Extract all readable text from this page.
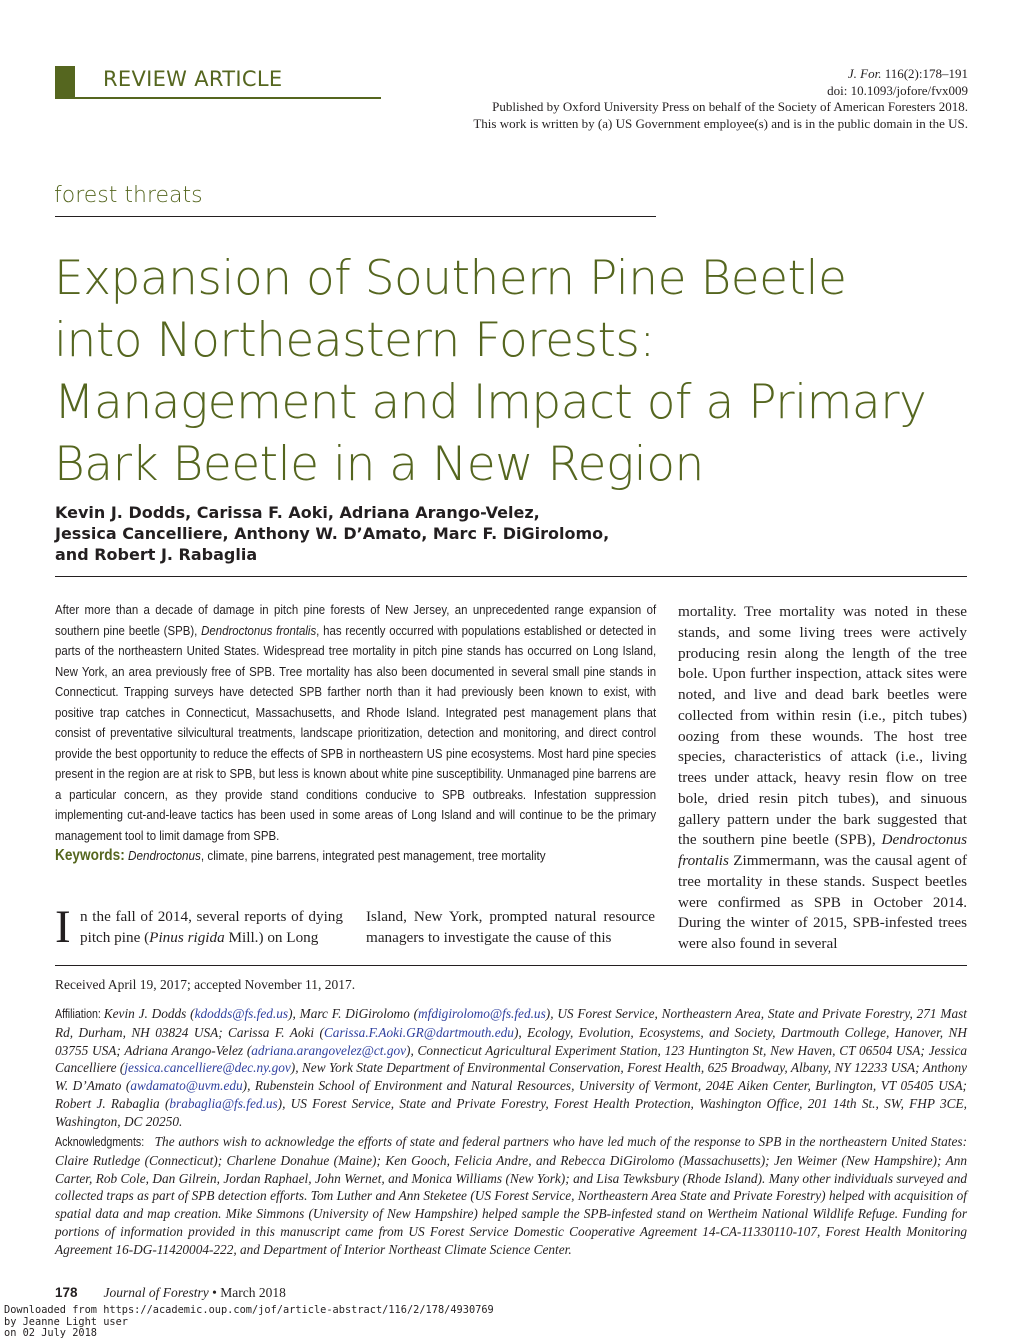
REVIEW ARTICLE	J. For. 116(2):178–191
doi: 10.1093/jofore/fvx009
Published by Oxford University Press on behalf of the Society of American Foresters 2018.
This work is written by (a) US Government employee(s) and is in the public domain in the US.
forest threats
Expansion of Southern Pine Beetle into Northeastern Forests: Management and Impact of a Primary Bark Beetle in a New Region
Kevin J. Dodds, Carissa F. Aoki, Adriana Arango-Velez,
Jessica Cancelliere, Anthony W. D’Amato, Marc F. DiGirolomo,
and Robert J. Rabaglia
After more than a decade of damage in pitch pine forests of New Jersey, an unprecedented range expansion of southern pine beetle (SPB), Dendroctonus frontalis, has recently occurred with populations established or detected in parts of the northeastern United States. Widespread tree mortality in pitch pine stands has occurred on Long Island, New York, an area previously free of SPB. Tree mortality has also been documented in several small pine stands in Connecticut. Trapping surveys have detected SPB farther north than it had previously been known to exist, with positive trap catches in Connecticut, Massachusetts, and Rhode Island. Integrated pest management plans that consist of preventative silvicultural treatments, landscape prioritization, detection and monitoring, and direct control provide the best opportunity to reduce the effects of SPB in northeastern US pine ecosystems. Most hard pine species present in the region are at risk to SPB, but less is known about white pine susceptibility. Unmanaged pine barrens are a particular concern, as they provide stand conditions conducive to SPB outbreaks. Infestation suppression implementing cut-and-leave tactics has been used in some areas of Long Island and will continue to be the primary management tool to limit damage from SPB.
Keywords: Dendroctonus, climate, pine barrens, integrated pest management, tree mortality
I n the fall of 2014, several reports of dying pitch pine (Pinus rigida Mill.) on Long
Island, New York, prompted natural resource managers to investigate the cause of this
mortality. Tree mortality was noted in these stands, and some living trees were actively producing resin along the length of the tree bole. Upon further inspection, attack sites were noted, and live and dead bark beetles were collected from within resin (i.e., pitch tubes) oozing from these wounds. The host tree species, characteristics of attack (i.e., living trees under attack, heavy resin flow on tree bole, dried resin pitch tubes), and sinuous gallery pattern under the bark suggested that the southern pine beetle (SPB), Dendroctonus frontalis Zimmermann, was the causal agent of tree mortality in these stands. Suspect beetles were confirmed as SPB in October 2014. During the winter of 2015, SPB-infested trees were also found in several
Received April 19, 2017; accepted November 11, 2017.
Affiliation: Kevin J. Dodds (kdodds@fs.fed.us), Marc F. DiGirolomo (mfdigirolomo@fs.fed.us), US Forest Service, Northeastern Area, State and Private Forestry, 271 Mast Rd, Durham, NH 03824 USA; Carissa F. Aoki (Carissa.F.Aoki.GR@dartmouth.edu), Ecology, Evolution, Ecosystems, and Society, Dartmouth College, Hanover, NH 03755 USA; Adriana Arango-Velez (adriana.arangovelez@ct.gov), Connecticut Agricultural Experiment Station, 123 Huntington St, New Haven, CT 06504 USA; Jessica Cancelliere (jessica.cancelliere@dec.ny.gov), New York State Department of Environmental Conservation, Forest Health, 625 Broadway, Albany, NY 12233 USA; Anthony W. D’Amato (awdamato@uvm.edu), Rubenstein School of Environment and Natural Resources, University of Vermont, 204E Aiken Center, Burlington, VT 05405 USA; Robert J. Rabaglia (brabaglia@fs.fed.us), US Forest Service, State and Private Forestry, Forest Health Protection, Washington Office, 201 14th St., SW, FHP 3CE, Washington, DC 20250.
Acknowledgments: The authors wish to acknowledge the efforts of state and federal partners who have led much of the response to SPB in the northeastern United States: Claire Rutledge (Connecticut); Charlene Donahue (Maine); Ken Gooch, Felicia Andre, and Rebecca DiGirolomo (Massachusetts); Jen Weimer (New Hampshire); Ann Carter, Rob Cole, Dan Gilrein, Jordan Raphael, John Wernet, and Monica Williams (New York); and Lisa Tewksbury (Rhode Island). Many other individuals surveyed and collected traps as part of SPB detection efforts. Tom Luther and Ann Steketee (US Forest Service, Northeastern Area State and Private Forestry) helped with acquisition of spatial data and map creation. Mike Simmons (University of New Hampshire) helped sample the SPB-infested stand on Wertheim National Wildlife Refuge. Funding for portions of information provided in this manuscript came from US Forest Service Domestic Cooperative Agreement 14-CA-11330110-107, Forest Health Monitoring Agreement 16-DG-11420004-222, and Department of Interior Northeast Climate Science Center.
178 Journal of Forestry • March 2018
Downloaded from https://academic.oup.com/jof/article-abstract/116/2/178/4930769
by Jeanne Light user
on 02 July 2018
